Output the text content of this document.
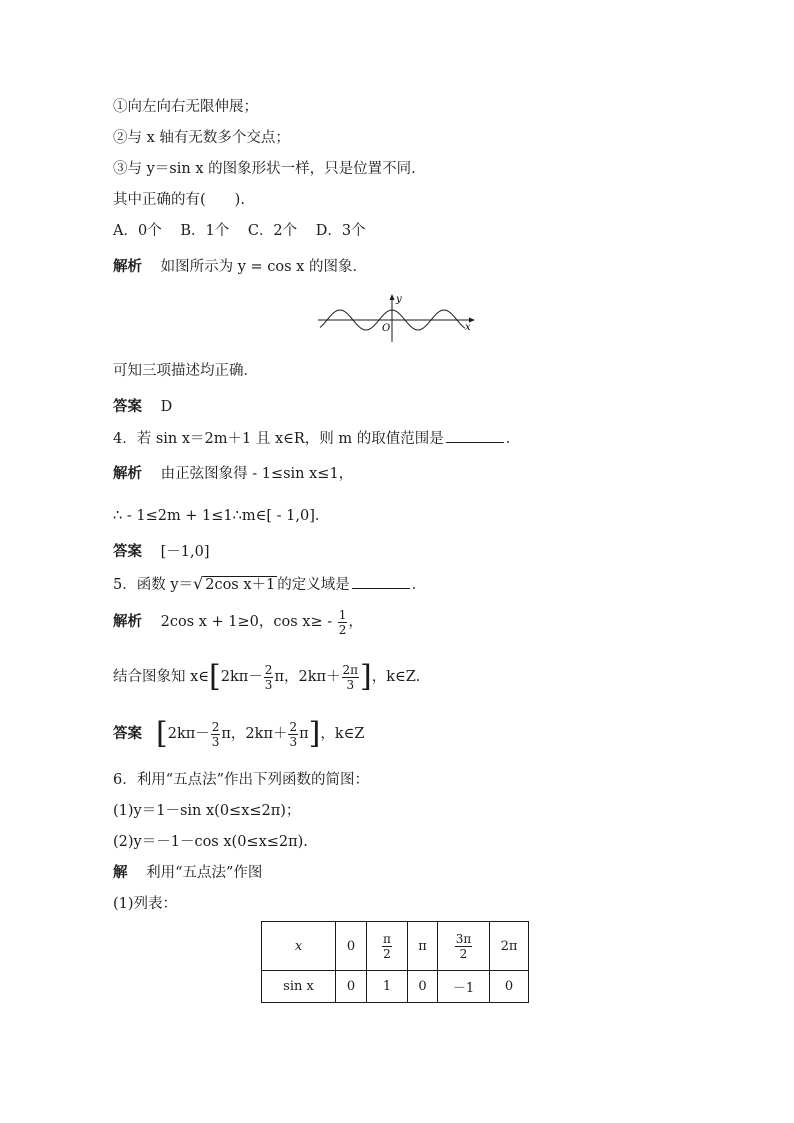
①向左向右无限伸展；
②与 x 轴有无数多个交点；
③与 y＝sin x 的图象形状一样，只是位置不同.
其中正确的有(　　).
A．0个 B．1个 C．2个 D．3个
解析 如图所示为 y = cos x 的图象．
y
x
O
可知三项描述均正确．
答案 D
4．若 sin x＝2m＋1 且 x∈R，则 m 的取值范围是	．
解析 由正弦图象得 - 1≤sin x≤1，
∴ - 1≤2m + 1≤1∴m∈[ - 1,0]．
答案 [－1,0]
5．函数 y＝√ 2cos x＋1 的定义域是	．
解析 2cos x + 1≥0，$\cos x\ge - \frac{1}{2}$ ，
结合图象知 x∈[2kπ－ $\frac{2}{3}$ π，$2k\pi+ \frac{2\pi}{3}$ ]，k∈Z.
答案 [$2k\pi- \frac{2}{3}$ π，$2k\pi+ \frac{2}{3} \pi$]，k∈Z
6．利用“五点法”作出下列函数的简图：
(1)y＝1－sin x(0≤x≤2π)；
(2)y＝－1－cos x(0≤x≤2π).
解 利用“五点法”作图
(1)列表：
x	0	$\frac{\pi}{2}$	π	$\frac{3\pi}{2}$	2π
sin x	0	1	0	－1	0
